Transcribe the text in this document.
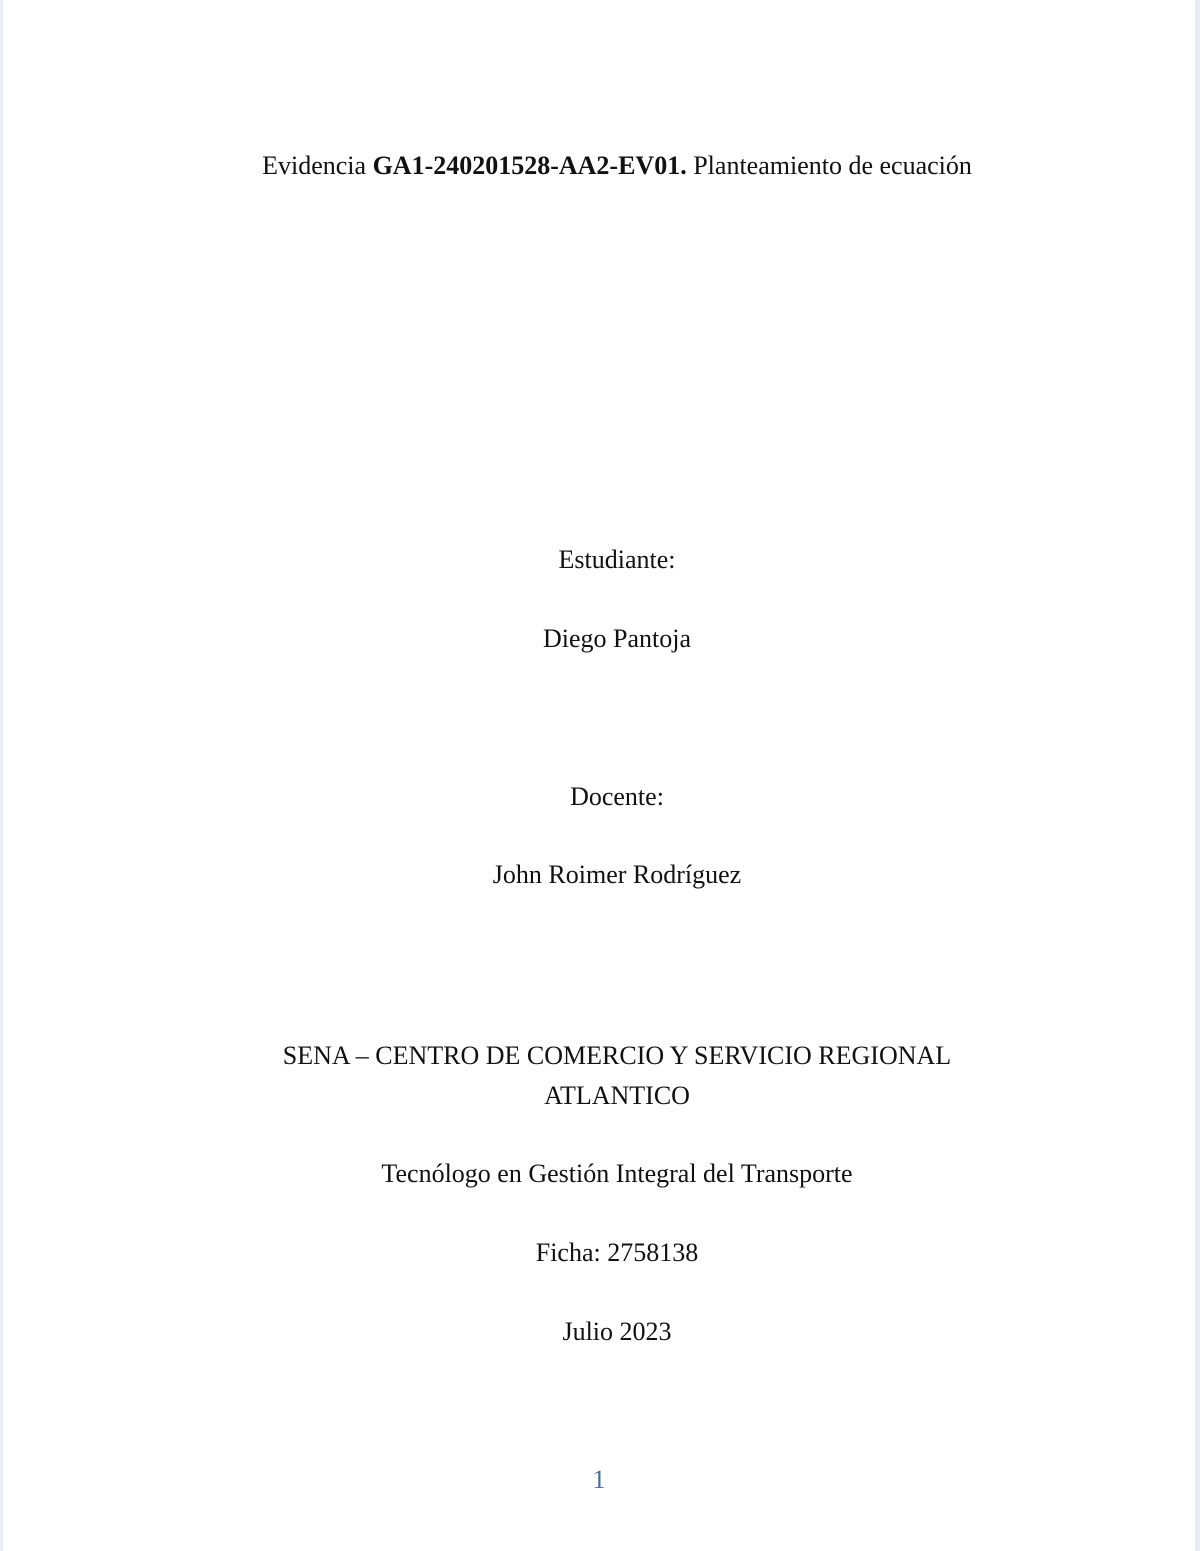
Evidencia GA1-240201528-AA2-EV01. Planteamiento de ecuación
Estudiante:
Diego Pantoja
Docente:
John Roimer Rodríguez
SENA – CENTRO DE COMERCIO Y SERVICIO REGIONAL
ATLANTICO
Tecnólogo en Gestión Integral del Transporte
Ficha: 2758138
Julio 2023
1
